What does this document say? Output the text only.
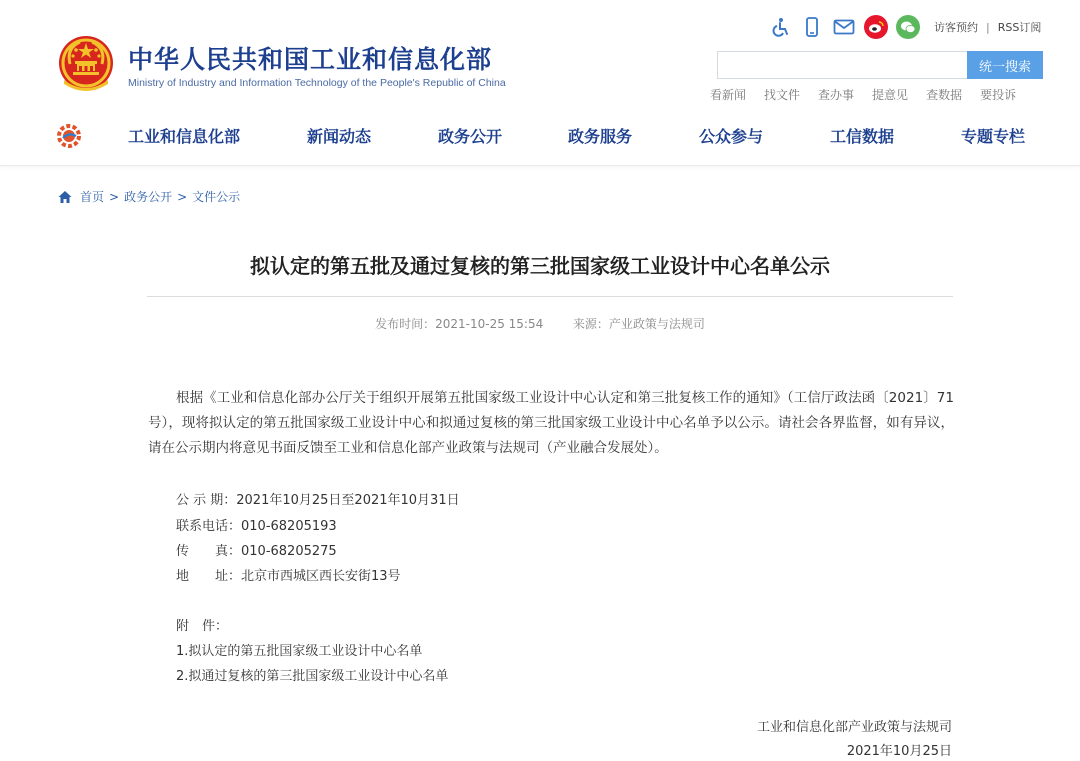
中华人民共和国工业和信息化部
Ministry of Industry and Information Technology of the People's Republic of China
访客预约 | RSS订阅
统一搜索
看新闻 找文件 查办事 提意见 查数据 要投诉
工业和信息化部	新闻动态	政务公开	政务服务	公众参与	工信数据	专题专栏
首页 > 政务公开 > 文件公示
拟认定的第五批及通过复核的第三批国家级工业设计中心名单公示
发布时间：2021-10-25 15:54 来源：产业政策与法规司

根据《工业和信息化部办公厅关于组织开展第五批国家级工业设计中心认定和第三批复核工作的通知》（工信厅政法函〔2021〕71号），现将拟认定的第五批国家级工业设计中心和拟通过复核的第三批国家级工业设计中心名单予以公示。请社会各界监督，如有异议，请在公示期内将意见书面反馈至工业和信息化部产业政策与法规司（产业融合发展处）。

公 示 期：2021年10月25日至2021年10月31日
联系电话：010-68205193
传　　真：010-68205275
地　　址：北京市西城区西长安街13号
附　件：
1.拟认定的第五批国家级工业设计中心名单
2.拟通过复核的第三批国家级工业设计中心名单
工业和信息化部产业政策与法规司
2021年10月25日
